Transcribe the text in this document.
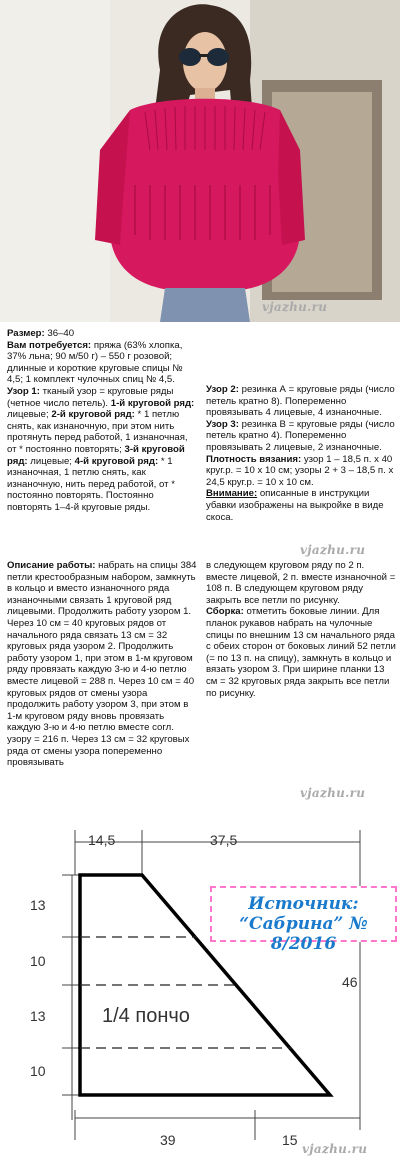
vjazhu.ru

Размер: 36–40

Вам потребуется: пряжа (63% хлопка, 37% льна; 90 м/50 г) – 550 г розовой; длинные и короткие круговые спицы № 4,5; 1 комплект чулочных спиц № 4,5.

Узор 1: тканый узор = круговые ряды (четное число петель). 1-й круговой ряд: лицевые; 2-й круговой ряд: * 1 петлю снять, как изнаночную, при этом нить протянуть перед работой, 1 изнаночная, от * постоянно повторять; 3-й круговой ряд: лицевые; 4-й круговой ряд: * 1 изнаночная, 1 петлю снять, как изнаночную, нить перед работой, от * постоянно повторять. Постоянно повторять 1–4-й круговые ряды.

Узор 2: резинка А = круговые ряды (число петель кратно 8). Попеременно провязывать 4 лицевые, 4 изнаночные.

Узор 3: резинка В = круговые ряды (число петель кратно 4). Попеременно провязывать 2 лицевые, 2 изнаночные.

Плотность вязания: узор 1 – 18,5 п. х 40 круг.р. = 10 х 10 см; узоры 2 + 3 – 18,5 п. х 24,5 круг.р. = 10 х 10 см.

Внимание: описанные в инструкции убавки изображены на выкройке в виде скоса.

vjazhu.ru

Описание работы: набрать на спицы 384 петли крестообразным набором, замкнуть в кольцо и вместо изнаночного ряда изнаночными связать 1 круговой ряд лицевыми. Продолжить работу узором 1. Через 10 см = 40 круговых рядов от начального ряда связать 13 см = 32 круговых ряда узором 2. Продолжить работу узором 1, при этом в 1-м круговом ряду провязать каждую 3-ю и 4-ю петлю вместе лицевой = 288 п. Через 10 см = 40 круговых рядов от смены узора продолжить работу узором 3, при этом в 1-м круговом ряду вновь провязать каждую 3-ю и 4-ю петлю вместе согл. узору = 216 п. Через 13 см = 32 круговых ряда от смены узора попеременно провязывать

в следующем круговом ряду по 2 п. вместе лицевой, 2 п. вместе изнаночной = 108 п. В следующем круговом ряду закрыть все петли по рисунку.

Сборка: отметить боковые линии. Для планок рукавов набрать на чулочные спицы по внешним 13 см начального ряда с обеих сторон от боковых линий 52 петли (= по 13 п. на спицу), замкнуть в кольцо и вязать узором 3. При ширине планки 13 см = 32 круговых ряда закрыть все петли по рисунку.

vjazhu.ru
14,5	37,5
13
10
13
10
46
39	15
1/4 пончо
Источник:
“Сабрина” № 8/2016
vjazhu.ru
